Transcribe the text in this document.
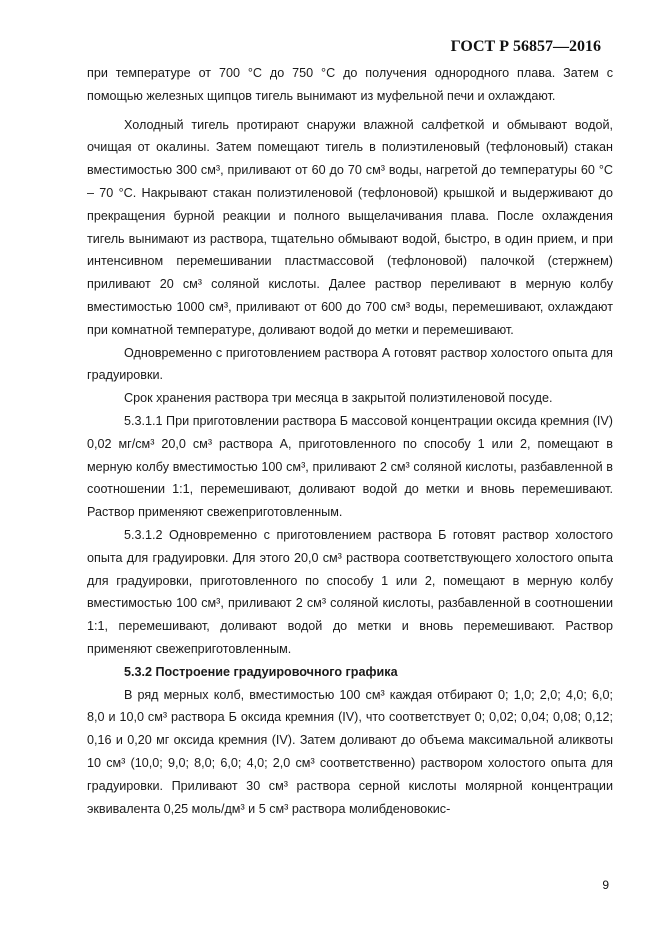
ГОСТ Р 56857—2016

при температуре от 700 °С до 750 °С до получения однородного плава. Затем с помощью железных щипцов тигель вынимают из муфельной печи и охлаждают.

Холодный тигель протирают снаружи влажной салфеткой и обмывают водой, очищая от окалины. Затем помещают тигель в полиэтиленовый (тефлоновый) стакан вместимостью 300 см³, приливают от 60 до 70 см³ воды, нагретой до температуры 60 °С – 70 °С. Накрывают стакан полиэтиленовой (тефлоновой) крышкой и выдерживают до прекращения бурной реакции и полного выщелачивания плава. После охлаждения тигель вынимают из раствора, тщательно обмывают водой, быстро, в один прием, и при интенсивном перемешивании пластмассовой (тефлоновой) палочкой (стержнем) приливают 20 см³ соляной кислоты. Далее раствор переливают в мерную колбу вместимостью 1000 см³, приливают от 600 до 700 см³ воды, перемешивают, охлаждают при комнатной температуре, доливают водой до метки и перемешивают.

Одновременно с приготовлением раствора А готовят раствор холостого опыта для градуировки.

Срок хранения раствора три месяца в закрытой полиэтиленовой посуде.

5.3.1.1 При приготовлении раствора Б массовой концентрации оксида кремния (IV) 0,02 мг/см³ 20,0 см³ раствора А, приготовленного по способу 1 или 2, помещают в мерную колбу вместимостью 100 см³, приливают 2 см³ соляной кислоты, разбавленной в соотношении 1:1, перемешивают, доливают водой до метки и вновь перемешивают. Раствор применяют свежеприготовленным.

5.3.1.2 Одновременно с приготовлением раствора Б готовят раствор холостого опыта для градуировки. Для этого 20,0 см³ раствора соответствующего холостого опыта для градуировки, приготовленного по способу 1 или 2, помещают в мерную колбу вместимостью 100 см³, приливают 2 см³ соляной кислоты, разбавленной в соотношении 1:1, перемешивают, доливают водой до метки и вновь перемешивают. Раствор применяют свежеприготовленным.

5.3.2 Построение градуировочного графика

В ряд мерных колб, вместимостью 100 см³ каждая отбирают 0; 1,0; 2,0; 4,0; 6,0; 8,0 и 10,0 см³ раствора Б оксида кремния (IV), что соответствует 0; 0,02; 0,04; 0,08; 0,12; 0,16 и 0,20 мг оксида кремния (IV). Затем доливают до объема максимальной аликвоты 10 см³ (10,0; 9,0; 8,0; 6,0; 4,0; 2,0 см³ соответственно) раствором холостого опыта для градуировки. Приливают 30 см³ раствора серной кислоты молярной концентрации эквивалента 0,25 моль/дм³ и 5 см³ раствора молибденовокис-

9
